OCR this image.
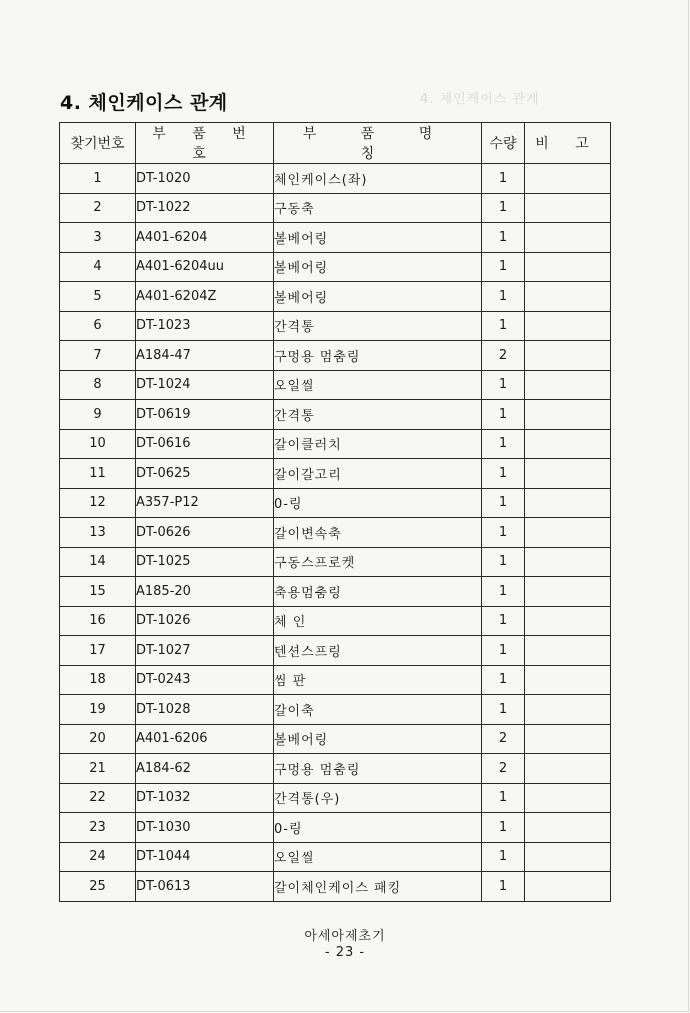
4. 체인케이스 관계	4. 체인케이스 관계
찾기번호	부 품 번 호	부 품 명 칭	수량	비 고
1	DT-1020	체인케이스(좌)	1	
2	DT-1022	구동축	1	
3	A401-6204	볼베어링	1	
4	A401-6204uu	볼베어링	1	
5	A401-6204Z	볼베어링	1	
6	DT-1023	간격통	1	
7	A184-47	구멍용 멈춤링	2	
8	DT-1024	오일씰	1	
9	DT-0619	간격통	1	
10	DT-0616	갈이클러치	1	
11	DT-0625	갈이갈고리	1	
12	A357-P12	0-링	1	
13	DT-0626	갈이변속축	1	
14	DT-1025	구동스프로켓	1	
15	A185-20	축용멈춤링	1	
16	DT-1026	체 인	1	
17	DT-1027	텐션스프링	1	
18	DT-0243	씸 판	1	
19	DT-1028	갈이축	1	
20	A401-6206	볼베어링	2	
21	A184-62	구멍용 멈춤링	2	
22	DT-1032	간격통(우)	1	
23	DT-1030	0-링	1	
24	DT-1044	오일씰	1	
25	DT-0613	갈이체인케이스 패킹	1	
아세아제초기
- 23 -
